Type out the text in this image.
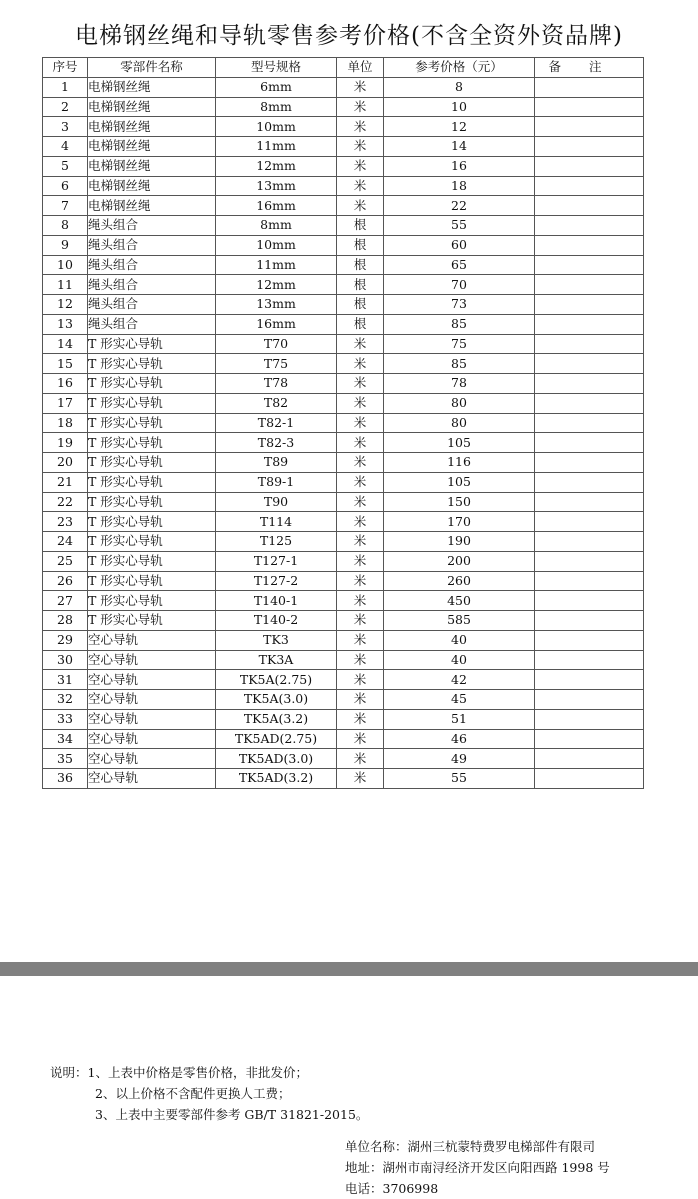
电梯钢丝绳和导轨零售参考价格(不含全资外资品牌)
序号	零部件名称	型号规格	单位	参考价格（元）	备注
1	电梯钢丝绳	6mm	米	8	
2	电梯钢丝绳	8mm	米	10	
3	电梯钢丝绳	10mm	米	12	
4	电梯钢丝绳	11mm	米	14	
5	电梯钢丝绳	12mm	米	16	
6	电梯钢丝绳	13mm	米	18	
7	电梯钢丝绳	16mm	米	22	
8	绳头组合	8mm	根	55	
9	绳头组合	10mm	根	60	
10	绳头组合	11mm	根	65	
11	绳头组合	12mm	根	70	
12	绳头组合	13mm	根	73	
13	绳头组合	16mm	根	85	
14	T 形实心导轨	T70	米	75	
15	T 形实心导轨	T75	米	85	
16	T 形实心导轨	T78	米	78	
17	T 形实心导轨	T82	米	80	
18	T 形实心导轨	T82-1	米	80	
19	T 形实心导轨	T82-3	米	105	
20	T 形实心导轨	T89	米	116	
21	T 形实心导轨	T89-1	米	105	
22	T 形实心导轨	T90	米	150	
23	T 形实心导轨	T114	米	170	
24	T 形实心导轨	T125	米	190	
25	T 形实心导轨	T127-1	米	200	
26	T 形实心导轨	T127-2	米	260	
27	T 形实心导轨	T140-1	米	450	
28	T 形实心导轨	T140-2	米	585	
29	空心导轨	TK3	米	40	
30	空心导轨	TK3A	米	40	
31	空心导轨	TK5A(2.75)	米	42	
32	空心导轨	TK5A(3.0)	米	45	
33	空心导轨	TK5A(3.2)	米	51	
34	空心导轨	TK5AD(2.75)	米	46	
35	空心导轨	TK5AD(3.0)	米	49	
36	空心导轨	TK5AD(3.2)	米	55	
说明：1、上表中价格是零售价格，非批发价；
2、以上价格不含配件更换人工费；
3、上表中主要零部件参考 GB/T 31821-2015。
单位名称：湖州三杭蒙特费罗电梯部件有限司
地址：湖州市南浔经济开发区向阳西路 1998 号
电话：3706998
